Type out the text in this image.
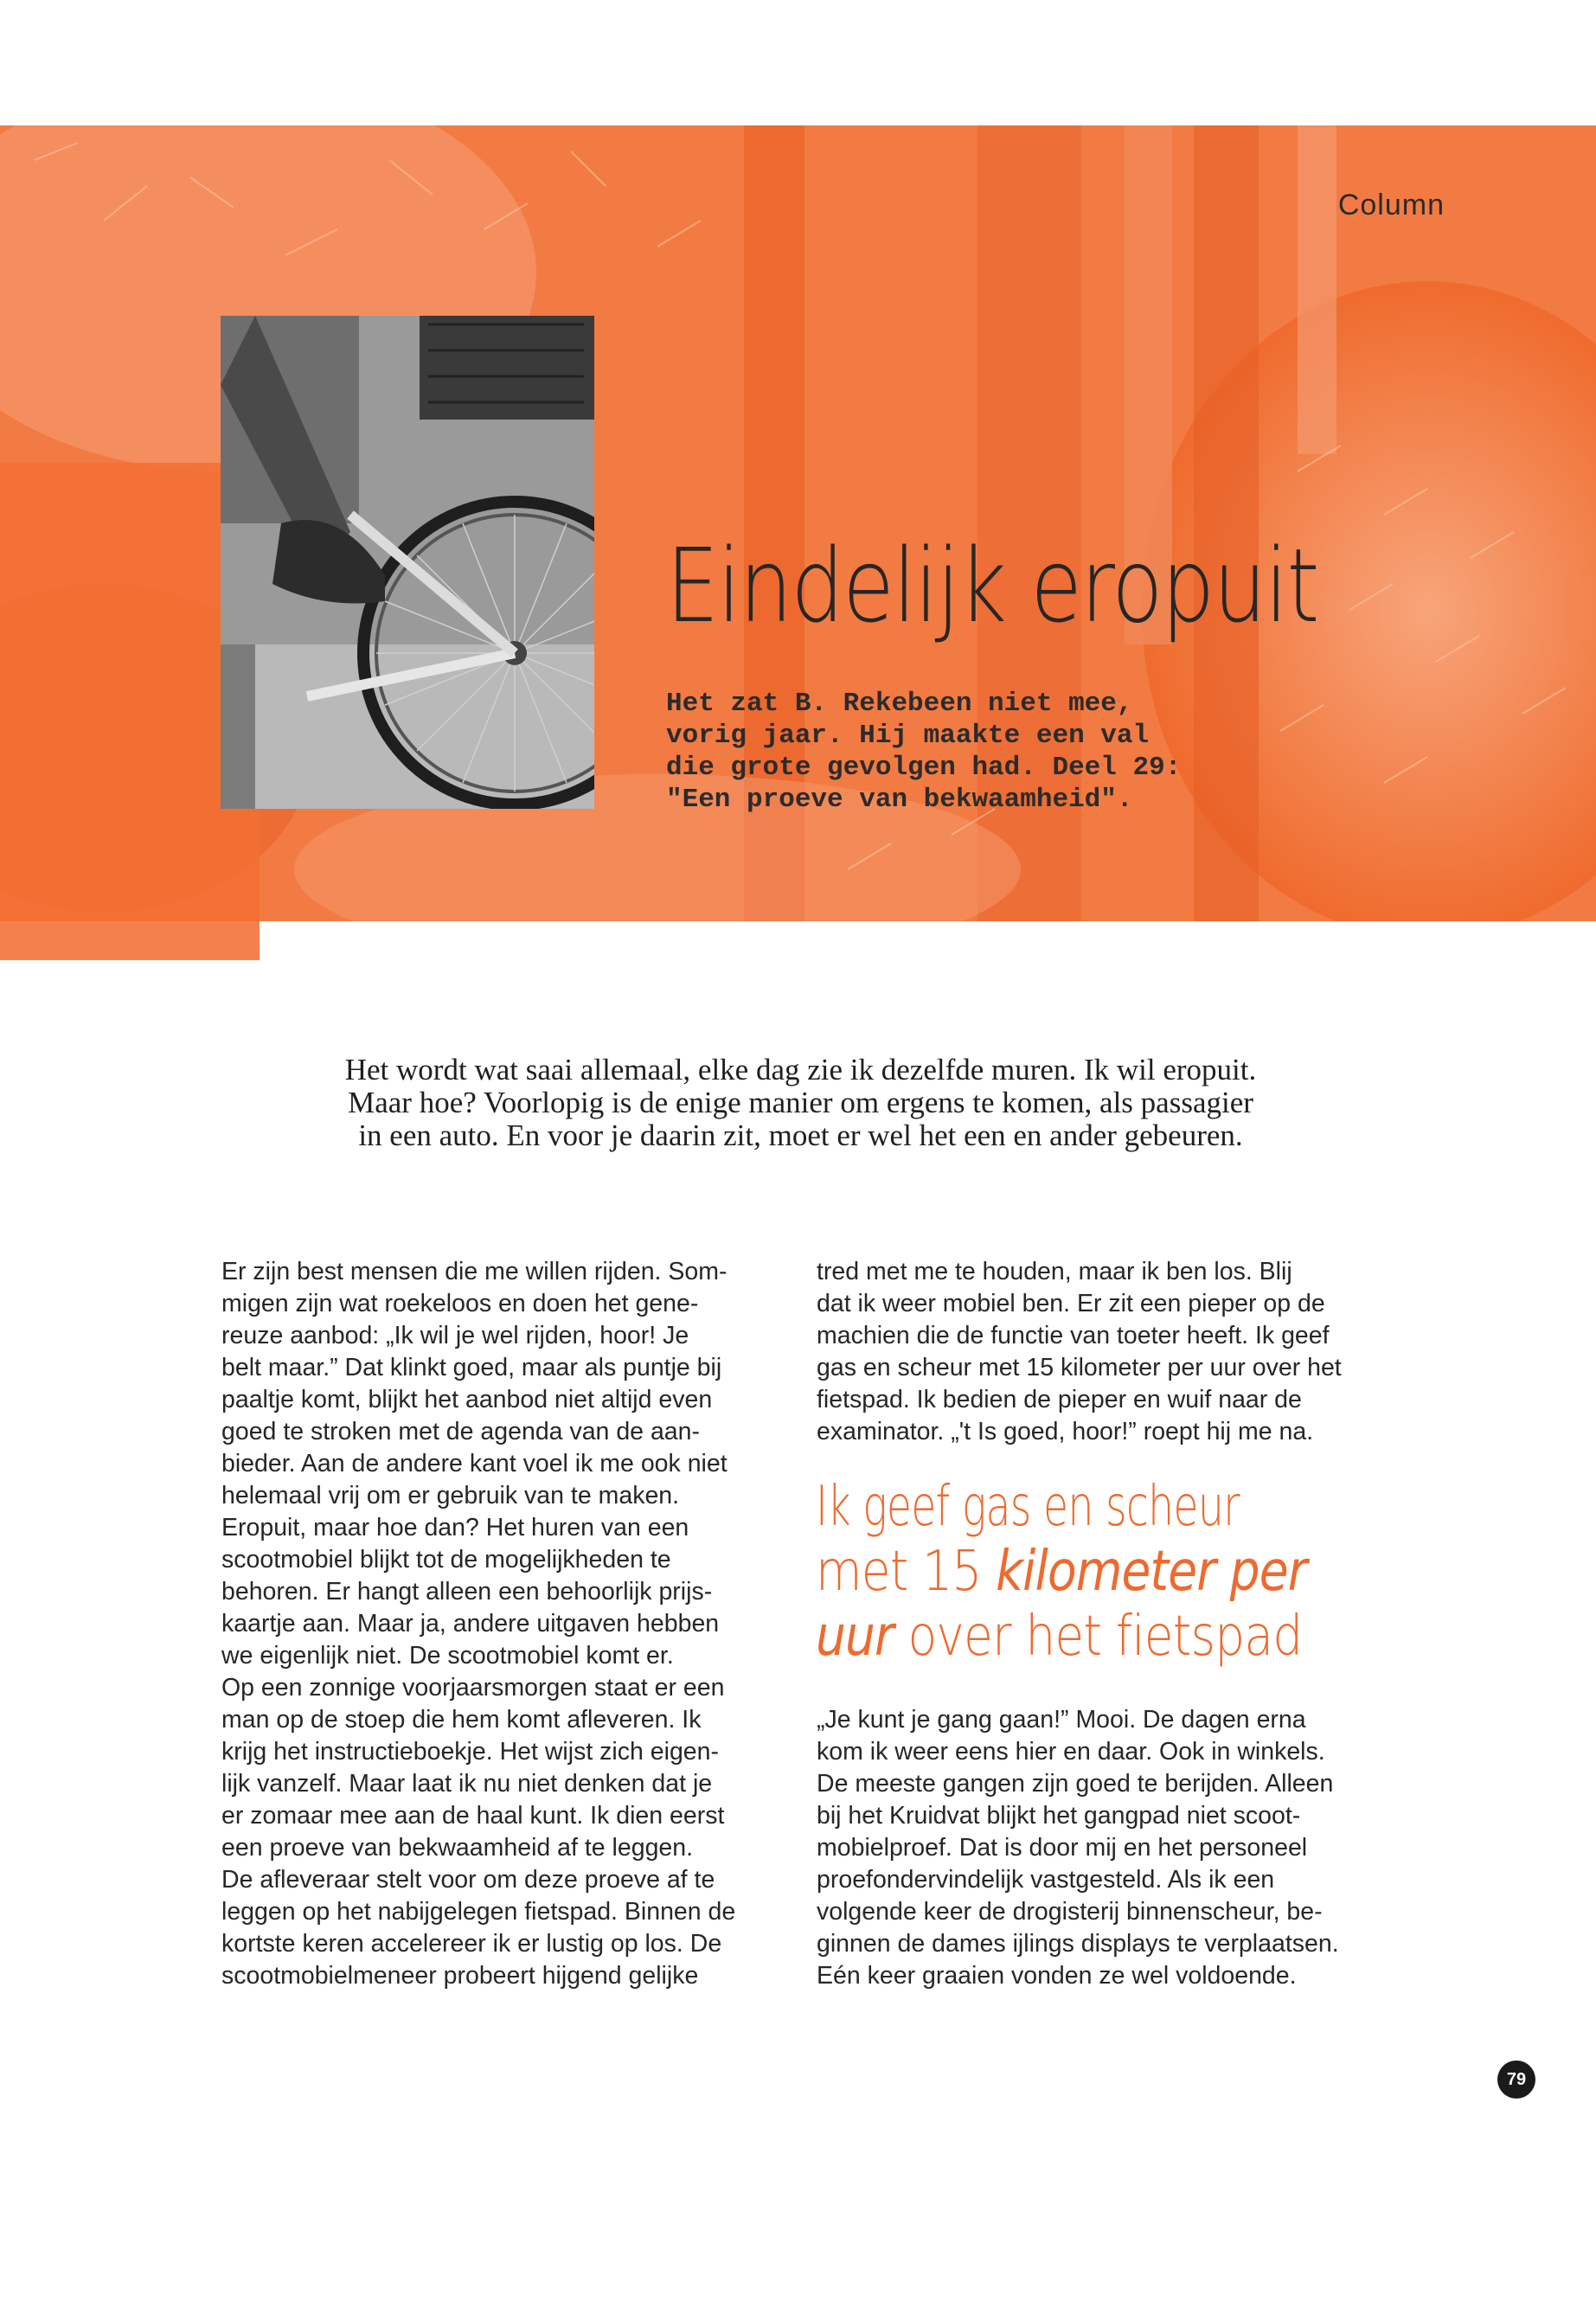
Column
Eindelijk eropuit
Het zat B. Rekebeen niet mee,
vorig jaar. Hij maakte een val
die grote gevolgen had. Deel 29:
"Een proeve van bekwaamheid".
Het wordt wat saai allemaal, elke dag zie ik dezelfde muren. Ik wil eropuit.
Maar hoe? Voorlopig is de enige manier om ergens te komen, als passagier
in een auto. En voor je daarin zit, moet er wel het een en ander gebeuren.
Er zijn best mensen die me willen rijden. Som-
migen zijn wat roekeloos en doen het gene-
reuze aanbod: „Ik wil je wel rijden, hoor! Je
belt maar.” Dat klinkt goed, maar als puntje bij
paaltje komt, blijkt het aanbod niet altijd even
goed te stroken met de agenda van de aan-
bieder. Aan de andere kant voel ik me ook niet
helemaal vrij om er gebruik van te maken.
Eropuit, maar hoe dan? Het huren van een
scootmobiel blijkt tot de mogelijkheden te
behoren. Er hangt alleen een behoorlijk prijs-
kaartje aan. Maar ja, andere uitgaven hebben
we eigenlijk niet. De scootmobiel komt er.
Op een zonnige voorjaarsmorgen staat er een
man op de stoep die hem komt afleveren. Ik
krijg het instructieboekje. Het wijst zich eigen-
lijk vanzelf. Maar laat ik nu niet denken dat je
er zomaar mee aan de haal kunt. Ik dien eerst
een proeve van bekwaamheid af te leggen.
De afleveraar stelt voor om deze proeve af te
leggen op het nabijgelegen fietspad. Binnen de
kortste keren accelereer ik er lustig op los. De
scootmobielmeneer probeert hijgend gelijke
tred met me te houden, maar ik ben los. Blij
dat ik weer mobiel ben. Er zit een pieper op de
machien die de functie van toeter heeft. Ik geef
gas en scheur met 15 kilometer per uur over het
fietspad. Ik bedien de pieper en wuif naar de
examinator. „'t Is goed, hoor!” roept hij me na.
Ik geef gas en scheur
met 15 kilometer per
uur over het fietspad
„Je kunt je gang gaan!” Mooi. De dagen erna
kom ik weer eens hier en daar. Ook in winkels.
De meeste gangen zijn goed te berijden. Alleen
bij het Kruidvat blijkt het gangpad niet scoot-
mobielproef. Dat is door mij en het personeel
proefondervindelijk vastgesteld. Als ik een
volgende keer de drogisterij binnenscheur, be-
ginnen de dames ijlings displays te verplaatsen.
Eén keer graaien vonden ze wel voldoende.
79
